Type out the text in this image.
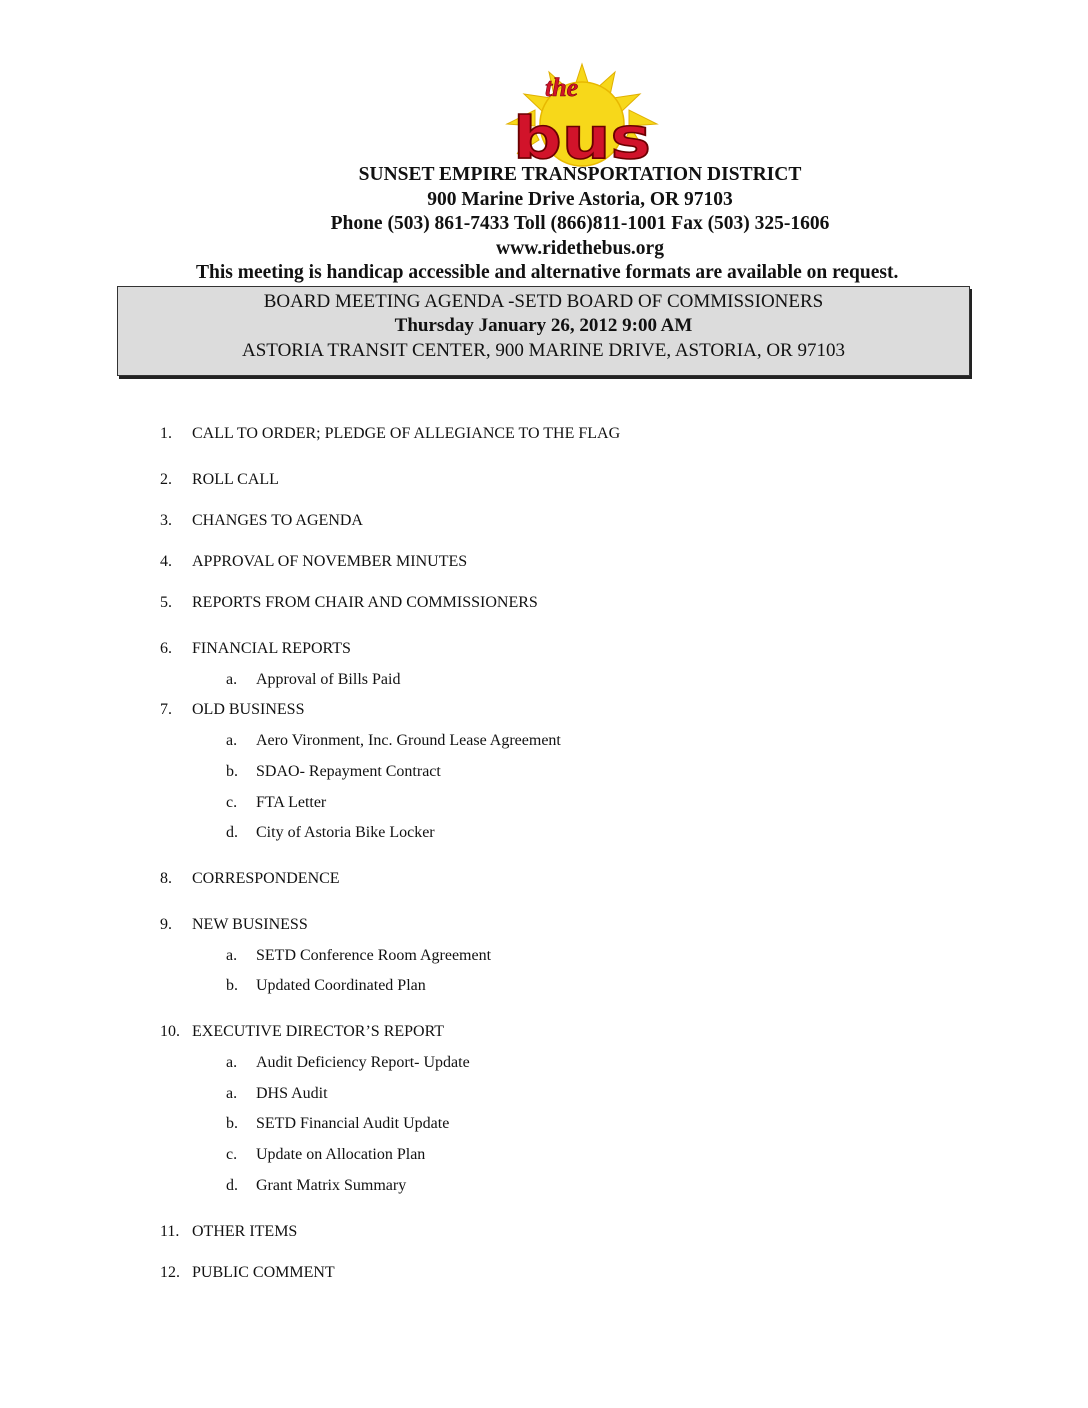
the
bus
SUNSET EMPIRE TRANSPORTATION DISTRICT
900 Marine Drive Astoria, OR 97103
Phone (503) 861-7433 Toll (866)811-1001 Fax (503) 325-1606
www.ridethebus.org
This meeting is handicap accessible and alternative formats are available on request.
BOARD MEETING AGENDA -SETD BOARD OF COMMISSIONERS
Thursday January 26, 2012 9:00 AM
ASTORIA TRANSIT CENTER, 900 MARINE DRIVE, ASTORIA, OR 97103
1. CALL TO ORDER; PLEDGE OF ALLEGIANCE TO THE FLAG
2. ROLL CALL
3. CHANGES TO AGENDA
4. APPROVAL OF NOVEMBER MINUTES
5. REPORTS FROM CHAIR AND COMMISSIONERS
6. FINANCIAL REPORTS
a. Approval of Bills Paid
7. OLD BUSINESS
a. Aero Vironment, Inc. Ground Lease Agreement
b. SDAO- Repayment Contract
c. FTA Letter
d. City of Astoria Bike Locker
8. CORRESPONDENCE
9. NEW BUSINESS
a. SETD Conference Room Agreement
b. Updated Coordinated Plan
10. EXECUTIVE DIRECTOR’S REPORT
a. Audit Deficiency Report- Update
a. DHS Audit
b. SETD Financial Audit Update
c. Update on Allocation Plan
d. Grant Matrix Summary
11. OTHER ITEMS
12. PUBLIC COMMENT
